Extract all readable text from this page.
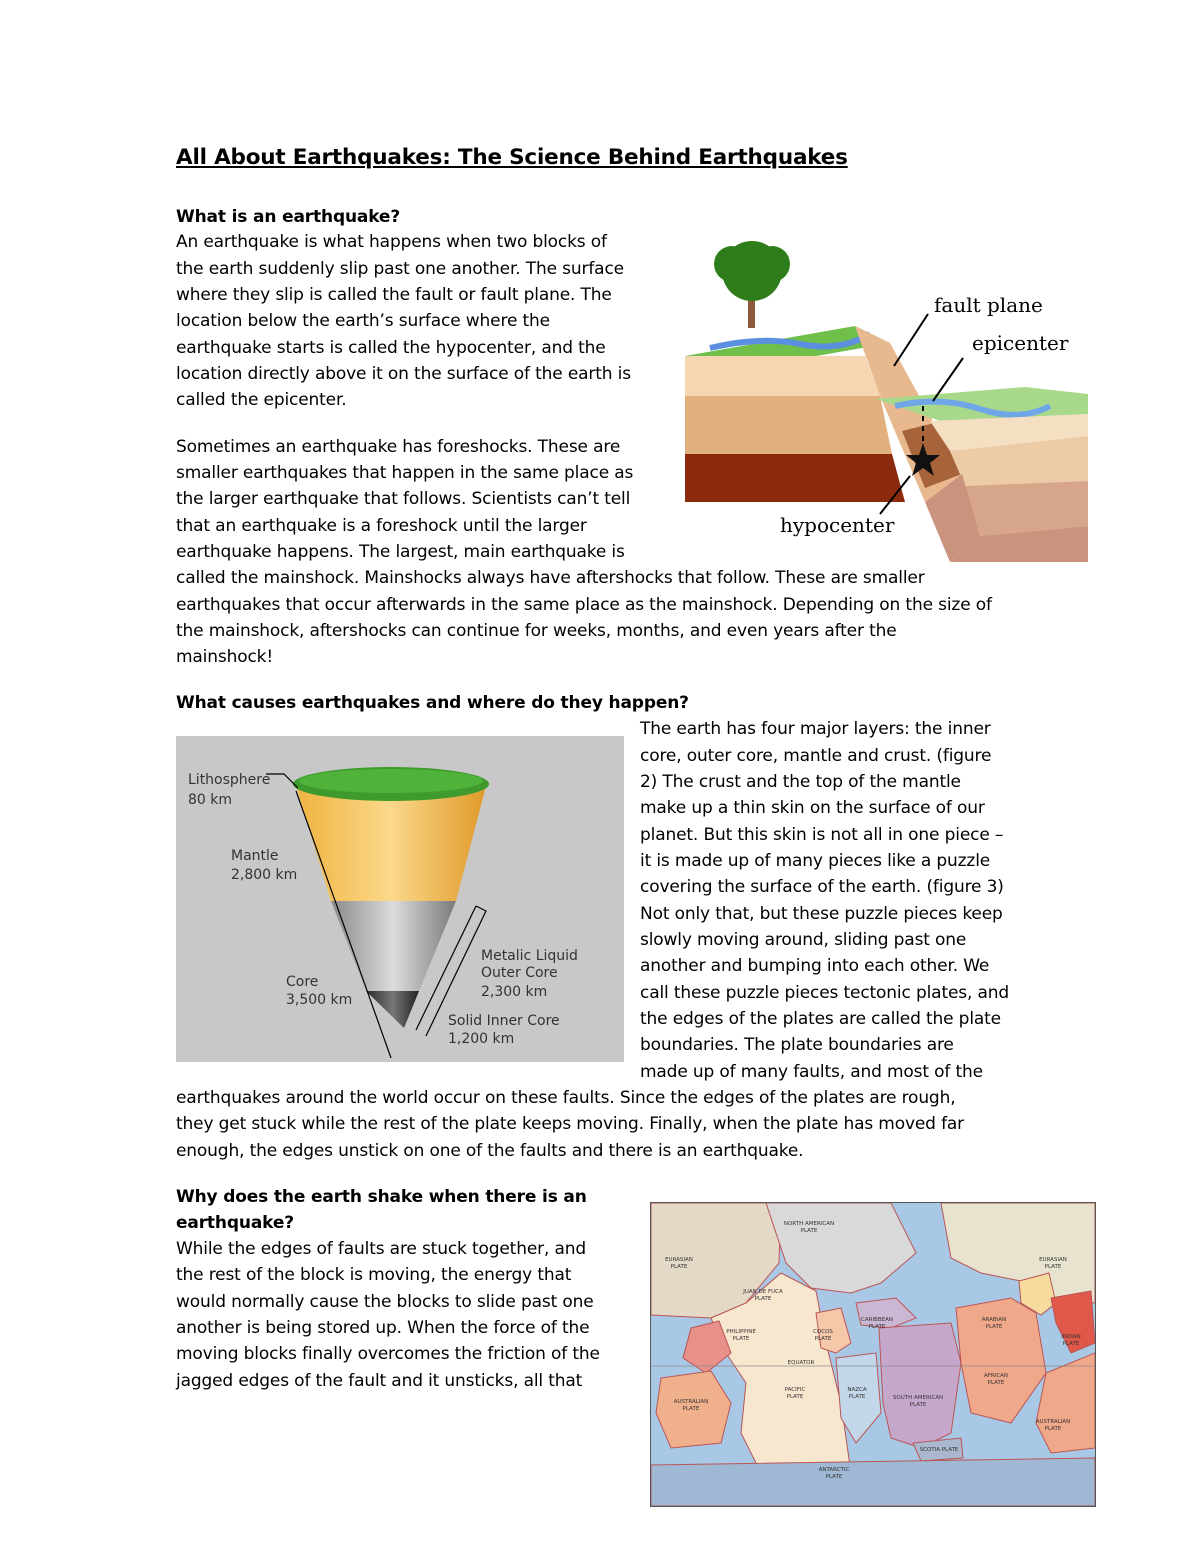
All About Earthquakes: The Science Behind Earthquakes
What is an earthquake?
An earthquake is what happens when two blocks of
the earth suddenly slip past one another. The surface
where they slip is called the fault or fault plane. The
location below the earth’s surface where the
earthquake starts is called the hypocenter, and the
location directly above it on the surface of the earth is
called the epicenter.
Sometimes an earthquake has foreshocks. These are
smaller earthquakes that happen in the same place as
the larger earthquake that follows. Scientists can’t tell
that an earthquake is a foreshock until the larger
earthquake happens. The largest, main earthquake is
called the mainshock. Mainshocks always have aftershocks that follow. These are smaller
earthquakes that occur afterwards in the same place as the mainshock. Depending on the size of
the mainshock, aftershocks can continue for weeks, months, and even years after the
mainshock!
What causes earthquakes and where do they happen?
The earth has four major layers: the inner
core, outer core, mantle and crust. (figure
2) The crust and the top of the mantle
make up a thin skin on the surface of our
planet. But this skin is not all in one piece –
it is made up of many pieces like a puzzle
covering the surface of the earth. (figure 3)
Not only that, but these puzzle pieces keep
slowly moving around, sliding past one
another and bumping into each other. We
call these puzzle pieces tectonic plates, and
the edges of the plates are called the plate
boundaries. The plate boundaries are
made up of many faults, and most of the
earthquakes around the world occur on these faults. Since the edges of the plates are rough,
they get stuck while the rest of the plate keeps moving. Finally, when the plate has moved far
enough, the edges unstick on one of the faults and there is an earthquake.
Why does the earth shake when there is an
earthquake?
While the edges of faults are stuck together, and
the rest of the block is moving, the energy that
would normally cause the blocks to slide past one
another is being stored up. When the force of the
moving blocks finally overcomes the friction of the
jagged edges of the fault and it unsticks, all that
fault plane
epicenter
hypocenter
Lithosphere
80 km
Mantle
2,800 km
Core
3,500 km
Metalic Liquid
Outer Core
2,300 km
Solid Inner Core
1,200 km
EURASIAN
PLATE
NORTH AMERICAN
PLATE
EURASIAN
PLATE
JUAN DE FUCA
PLATE
PHILIPPINE
PLATE
CARIBBEAN
PLATE
ARABIAN
PLATE
COCOS
PLATE	INDIAN
PLATE
EQUATOR
AFRICAN
PLATE
AUSTRALIAN
PLATE
PACIFIC
PLATE
NAZCA
PLATE	SOUTH AMERICAN
PLATE
AUSTRALIAN
PLATE
SCOTIA PLATE
ANTARCTIC
PLATE
